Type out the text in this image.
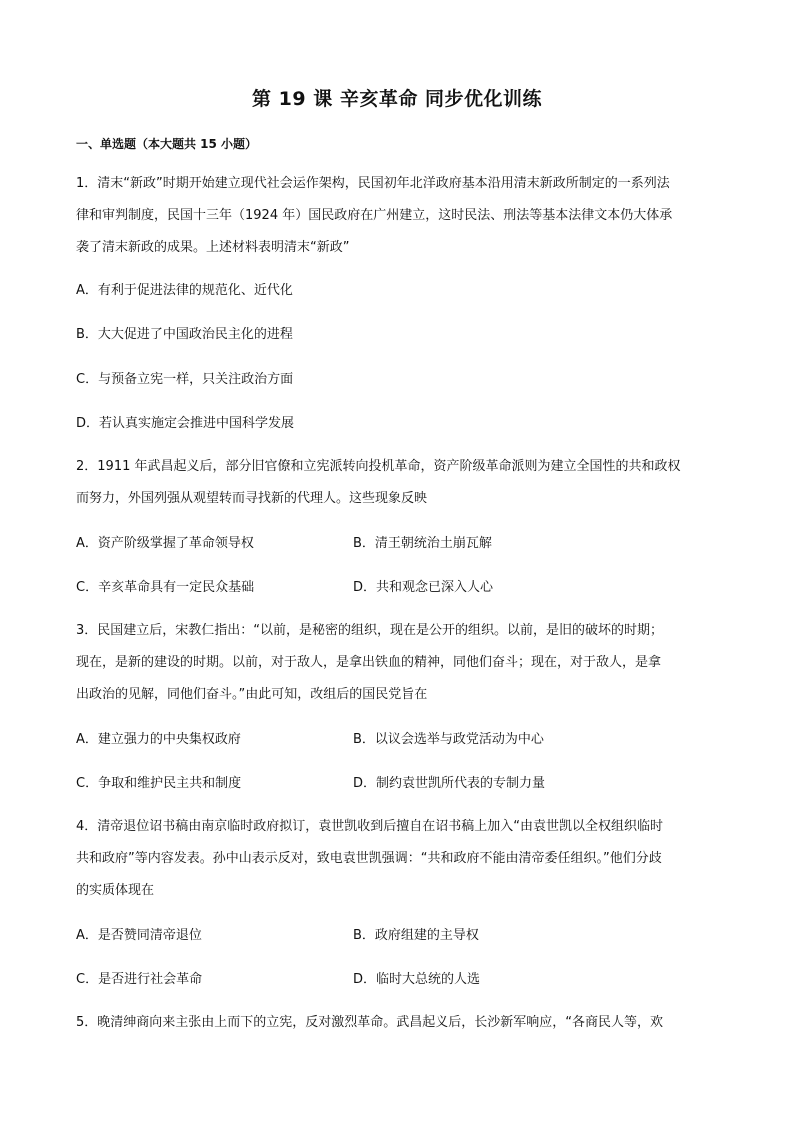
第 19 课 辛亥革命 同步优化训练
一、单选题（本大题共 15 小题）
1．清末“新政”时期开始建立现代社会运作架构，民国初年北洋政府基本沿用清末新政所制定的一系列法
律和审判制度，民国十三年（1924 年）国民政府在广州建立，这时民法、刑法等基本法律文本仍大体承
袭了清末新政的成果。上述材料表明清末“新政”
A．有利于促进法律的规范化、近代化
B．大大促进了中国政治民主化的进程
C．与预备立宪一样，只关注政治方面
D．若认真实施定会推进中国科学发展
2．1911 年武昌起义后，部分旧官僚和立宪派转向投机革命，资产阶级革命派则为建立全国性的共和政权
而努力，外国列强从观望转而寻找新的代理人。这些现象反映
A．资产阶级掌握了革命领导权	B．清王朝统治土崩瓦解
C．辛亥革命具有一定民众基础	D．共和观念已深入人心
3．民国建立后，宋教仁指出：“以前，是秘密的组织，现在是公开的组织。以前，是旧的破坏的时期；
现在，是新的建设的时期。以前，对于敌人，是拿出铁血的精神，同他们奋斗；现在，对于敌人，是拿
出政治的见解，同他们奋斗。”由此可知，改组后的国民党旨在
A．建立强力的中央集权政府	B．以议会选举与政党活动为中心
C．争取和维护民主共和制度	D．制约袁世凯所代表的专制力量
4．清帝退位诏书稿由南京临时政府拟订，袁世凯收到后擅自在诏书稿上加入“由袁世凯以全权组织临时
共和政府”等内容发表。孙中山表示反对，致电袁世凯强调：“共和政府不能由清帝委任组织。”他们分歧
的实质体现在
A．是否赞同清帝退位	B．政府组建的主导权
C．是否进行社会革命	D．临时大总统的人选
5．晚清绅商向来主张由上而下的立宪，反对激烈革命。武昌起义后，长沙新军响应，“各商民人等，欢
